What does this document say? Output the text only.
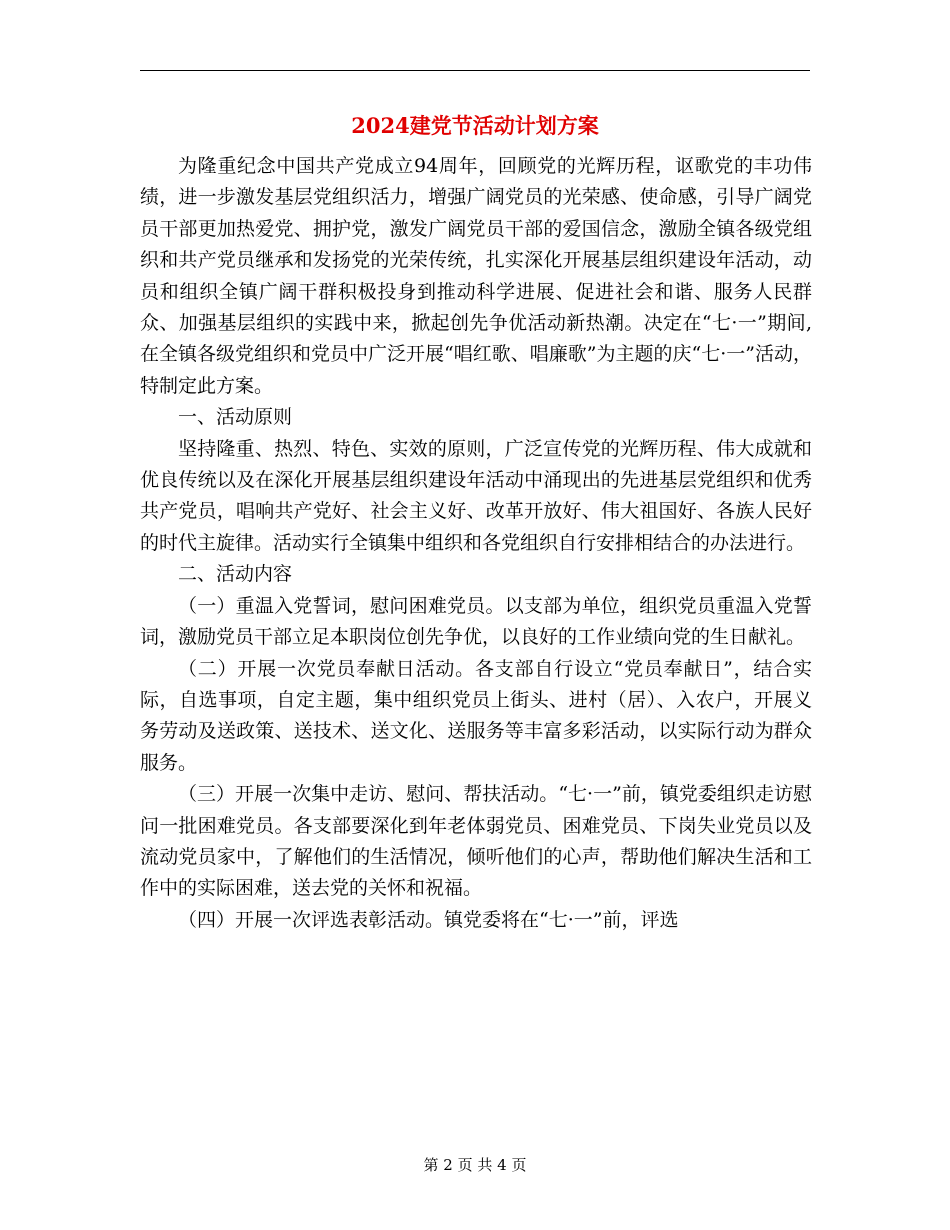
2024建党节活动计划方案

为隆重纪念中国共产党成立94周年，回顾党的光辉历程，讴歌党的丰功伟绩，进一步激发基层党组织活力，增强广阔党员的光荣感、使命感，引导广阔党员干部更加热爱党、拥护党，激发广阔党员干部的爱国信念，激励全镇各级党组织和共产党员继承和发扬党的光荣传统，扎实深化开展基层组织建设年活动，动员和组织全镇广阔干群积极投身到推动科学进展、促进社会和谐、服务人民群众、加强基层组织的实践中来，掀起创先争优活动新热潮。决定在“七·一”期间,在全镇各级党组织和党员中广泛开展“唱红歌、唱廉歌”为主题的庆“七·一”活动，特制定此方案。

一、活动原则

坚持隆重、热烈、特色、实效的原则，广泛宣传党的光辉历程、伟大成就和优良传统以及在深化开展基层组织建设年活动中涌现出的先进基层党组织和优秀共产党员，唱响共产党好、社会主义好、改革开放好、伟大祖国好、各族人民好的时代主旋律。活动实行全镇集中组织和各党组织自行安排相结合的办法进行。

二、活动内容

（一）重温入党誓词，慰问困难党员。以支部为单位，组织党员重温入党誓词，激励党员干部立足本职岗位创先争优，以良好的工作业绩向党的生日献礼。

（二）开展一次党员奉献日活动。各支部自行设立“党员奉献日”，结合实际，自选事项，自定主题，集中组织党员上街头、进村（居）、入农户，开展义务劳动及送政策、送技术、送文化、送服务等丰富多彩活动，以实际行动为群众服务。

（三）开展一次集中走访、慰问、帮扶活动。“七·一”前，镇党委组织走访慰问一批困难党员。各支部要深化到年老体弱党员、困难党员、下岗失业党员以及流动党员家中，了解他们的生活情况，倾听他们的心声，帮助他们解决生活和工作中的实际困难，送去党的关怀和祝福。

（四）开展一次评选表彰活动。镇党委将在“七·一”前，评选

第 2 页 共 4 页
